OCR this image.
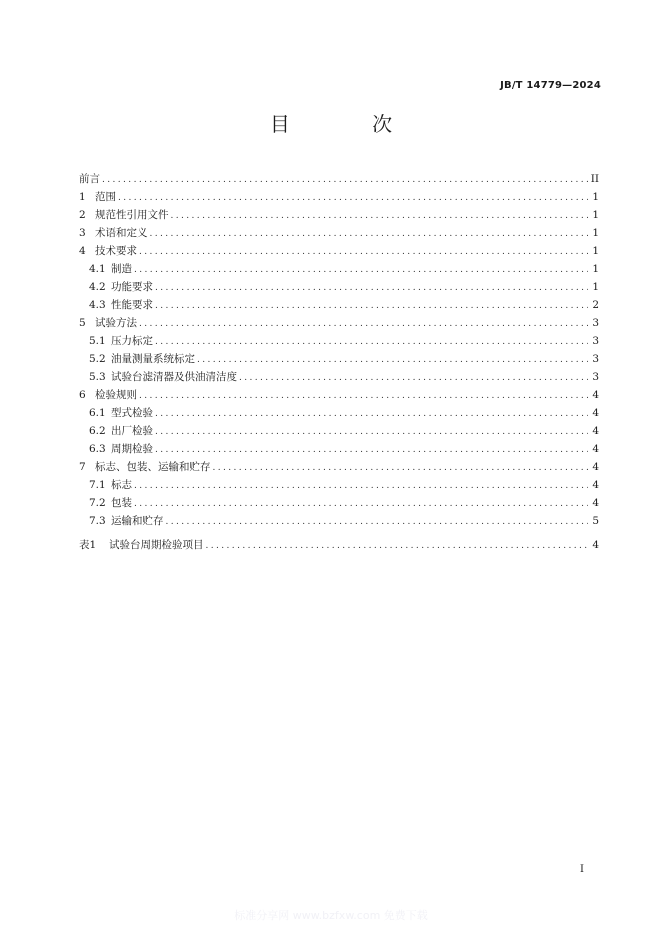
JB/T 14779—2024
目 次
前言 .....	II
1 范围 .....	1
2 规范性引用文件 .....	1
3 术语和定义 .....	1
4 技术要求 .....	1
4.1 制造 .....	1
4.2 功能要求 .....	1
4.3 性能要求 .....	2
5 试验方法 .....	3
5.1 压力标定 .....	3
5.2 油量测量系统标定 .....	3
5.3 试验台滤清器及供油清洁度 .....	3
6 检验规则 .....	4
6.1 型式检验 .....	4
6.2 出厂检验 .....	4
6.3 周期检验 .....	4
7 标志、包装、运输和贮存 .....	4
7.1 标志 .....	4
7.2 包装 .....	4
7.3 运输和贮存 .....	5
表1	试验台周期检验项目 .....	4
I
标准分享网 www.bzfxw.com 免费下载
